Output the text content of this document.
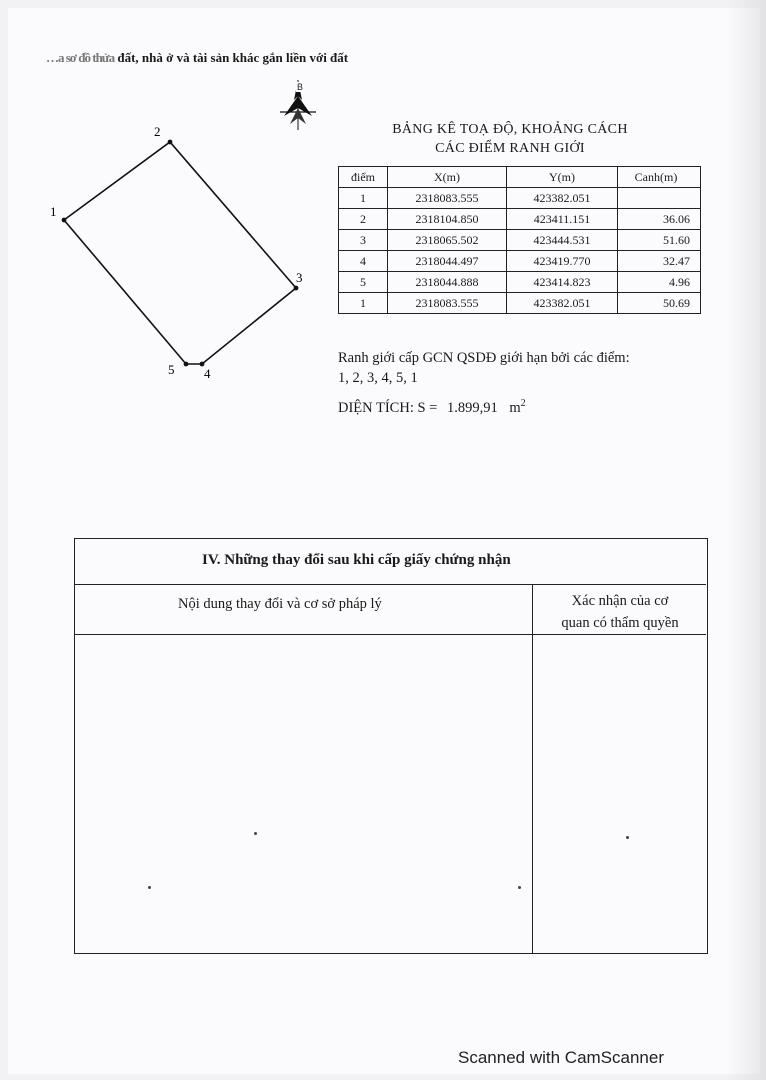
…a sơ đồ thửa đất, nhà ở và tài sản khác gắn liền với đất
B
BẢNG KÊ TOẠ ĐỘ, KHOẢNG CÁCH
CÁC ĐIỂM RANH GIỚI
điểm	X(m)	Y(m)	Canh(m)
1	2318083.555	423382.051	
2	2318104.850	423411.151	36.06
3	2318065.502	423444.531	51.60
4	2318044.497	423419.770	32.47
5	2318044.888	423414.823	4.96
1	2318083.555	423382.051	50.69
1
2
3
4
5
Ranh giới cấp GCN QSDĐ giới hạn bởi các điểm:
1, 2, 3, 4, 5, 1
DIỆN TÍCH: S = 1.899,91 $m^2$
IV. Những thay đổi sau khi cấp giấy chứng nhận
Nội dung thay đổi và cơ sở pháp lý	Xác nhận của cơ
quan có thẩm quyền
Scanned with CamScanner
